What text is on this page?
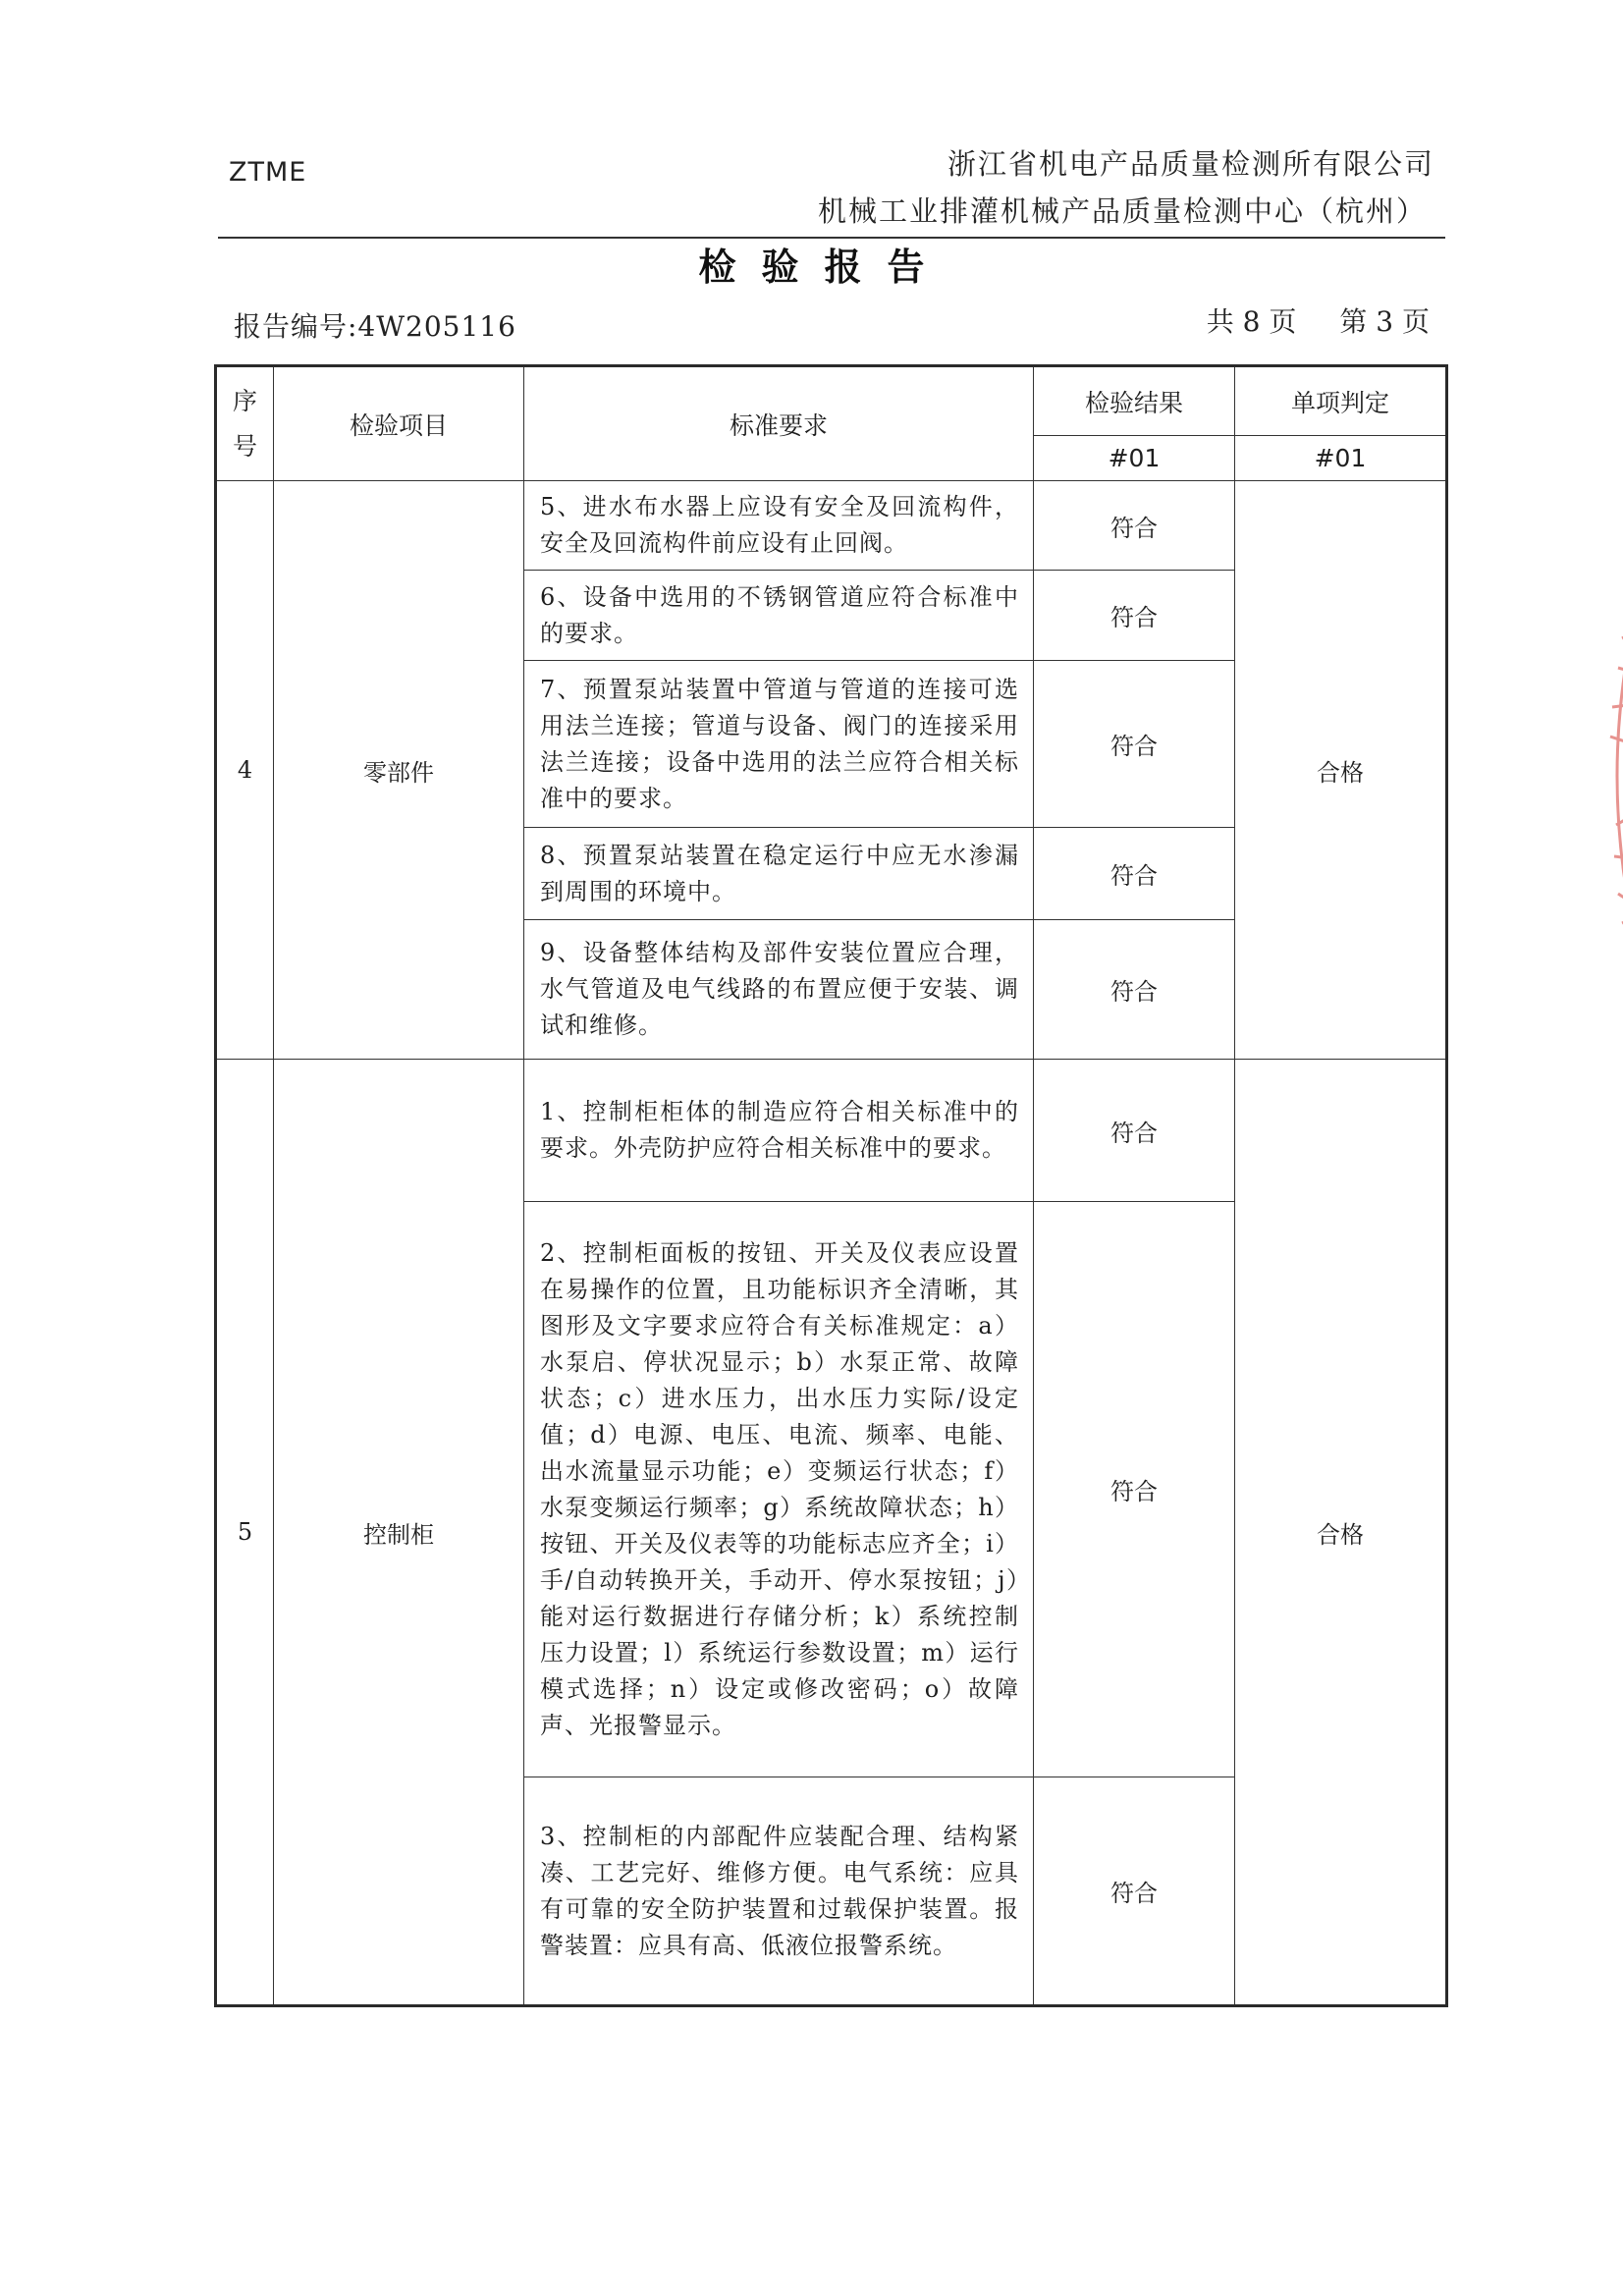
ZTME	浙江省机电产品质量检测所有限公司
机械工业排灌机械产品质量检测中心（杭州）
检验报告
报告编号:4W205116	共 8 页 第 3 页
序
号	检验项目	标准要求	检验结果	单项判定
			#01	#01
4	零部件	5、进水布水器上应设有安全及回流构件，安全及回流构件前应设有止回阀。	符合	合格
		6、设备中选用的不锈钢管道应符合标准中的要求。	符合	
		7、预置泵站装置中管道与管道的连接可选用法兰连接；管道与设备、阀门的连接采用法兰连接；设备中选用的法兰应符合相关标准中的要求。	符合	
		8、预置泵站装置在稳定运行中应无水渗漏到周围的环境中。	符合	
		9、设备整体结构及部件安装位置应合理，水气管道及电气线路的布置应便于安装、调试和维修。	符合	
5	控制柜	1、控制柜柜体的制造应符合相关标准中的要求。外壳防护应符合相关标准中的要求。	符合	合格
		2、控制柜面板的按钮、开关及仪表应设置在易操作的位置，且功能标识齐全清晰，其图形及文字要求应符合有关标准规定：a）水泵启、停状况显示；b）水泵正常、故障状态；c）进水压力，出水压力实际/设定值；d）电源、电压、电流、频率、电能、出水流量显示功能；e）变频运行状态；f）水泵变频运行频率；g）系统故障状态；h）按钮、开关及仪表等的功能标志应齐全；i）手/自动转换开关，手动开、停水泵按钮；j）能对运行数据进行存储分析；k）系统控制压力设置；l）系统运行参数设置；m）运行模式选择；n）设定或修改密码；o）故障声、光报警显示。	符合	
		3、控制柜的内部配件应装配合理、结构紧凑、工艺完好、维修方便。电气系统：应具有可靠的安全防护装置和过载保护装置。报警装置：应具有高、低液位报警系统。	符合	
